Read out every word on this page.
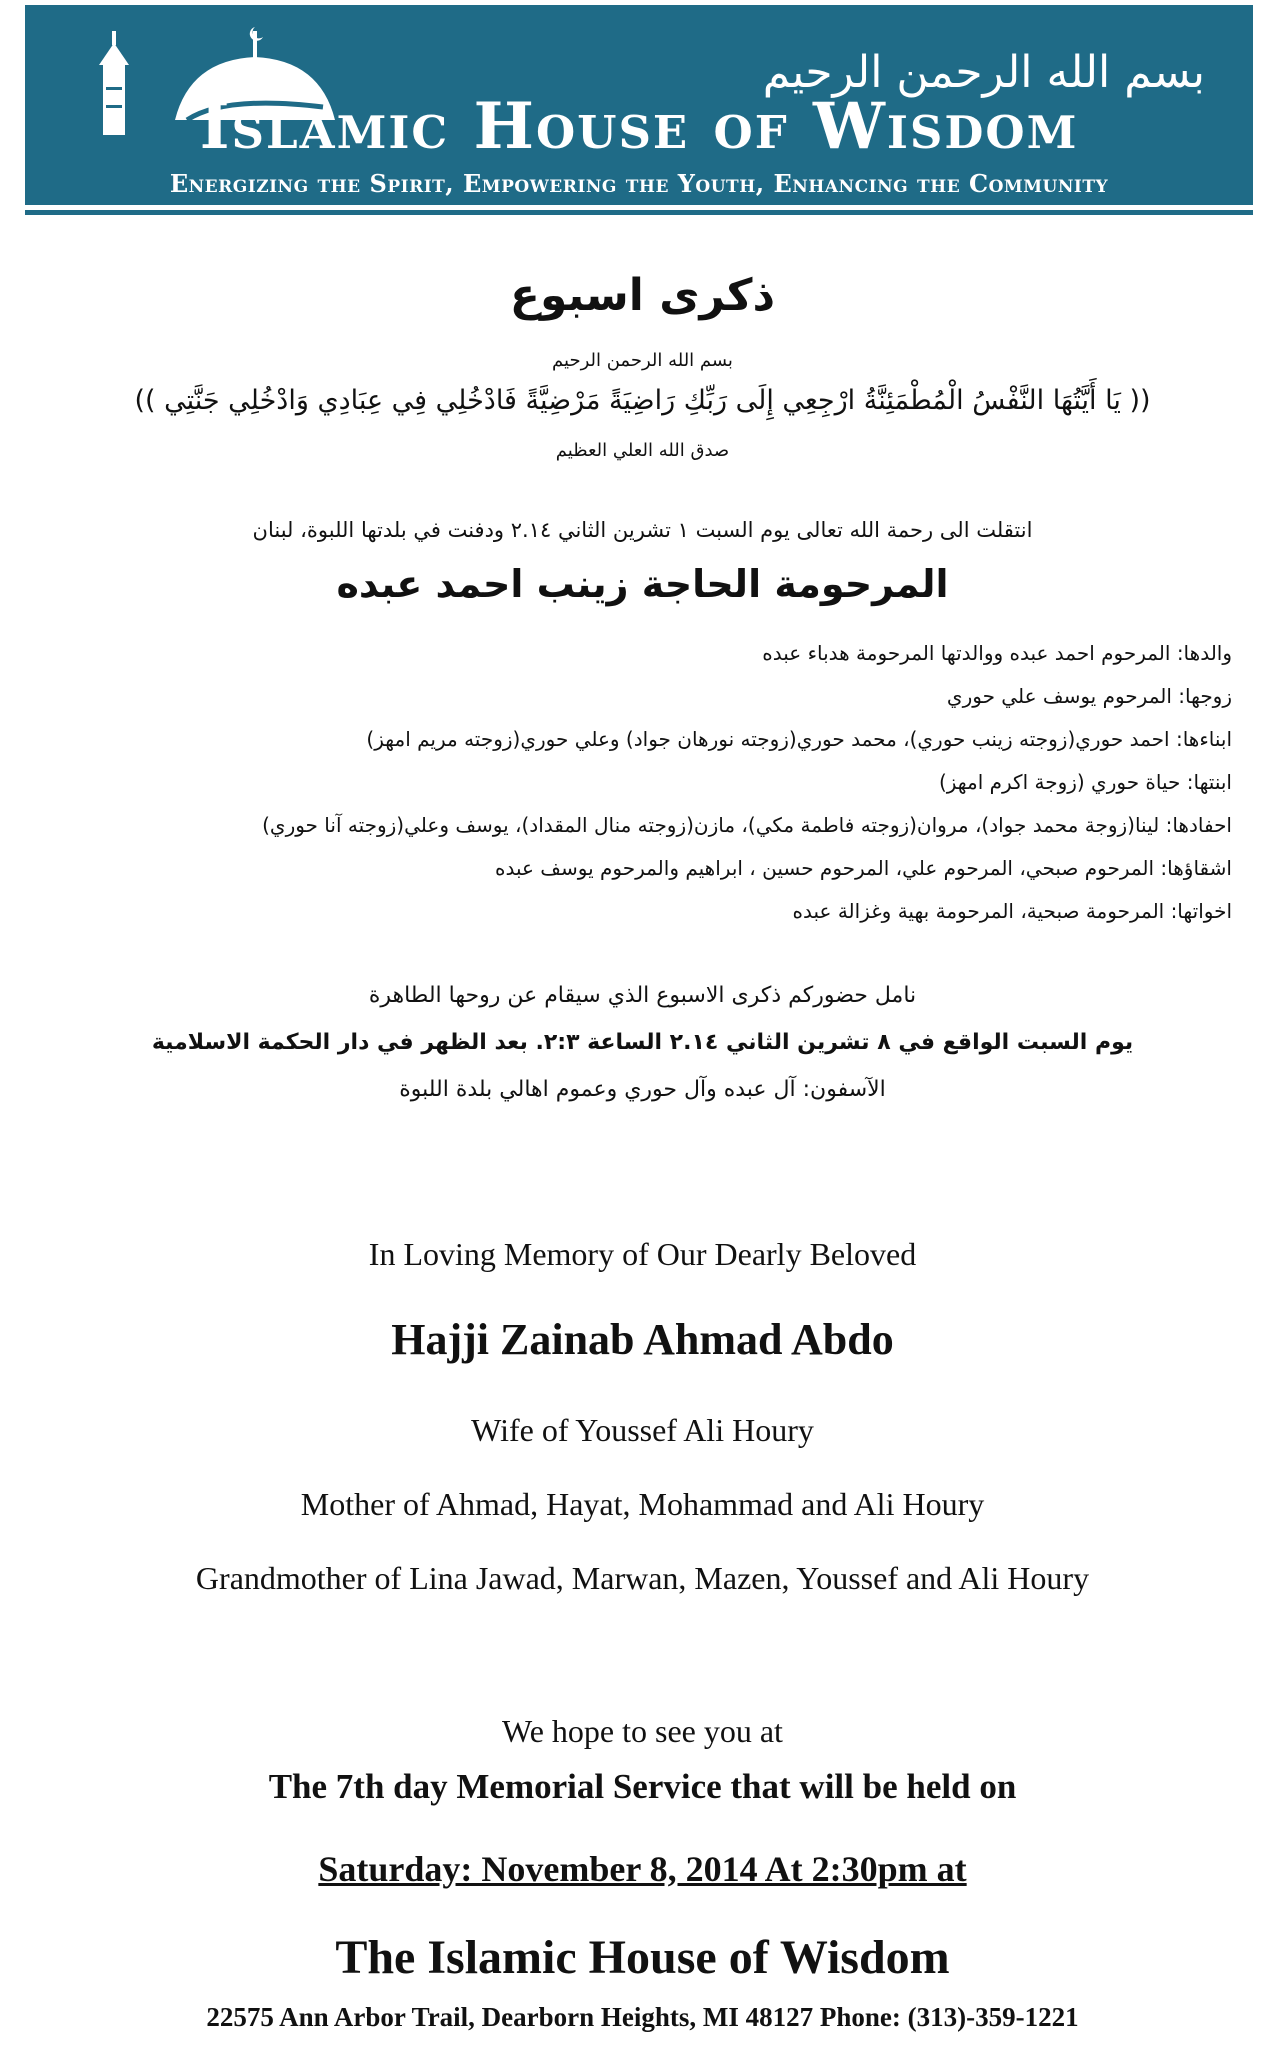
بسم الله الرحمن الرحيم
Islamic House of Wisdom
Energizing the Spirit, Empowering the Youth, Enhancing the Community
ذكرى اسبوع
بسم الله الرحمن الرحيم
(( يَا أَيَّتُهَا النَّفْسُ الْمُطْمَئِنَّةُ ارْجِعِي إِلَى رَبِّكِ رَاضِيَةً مَرْضِيَّةً فَادْخُلِي فِي عِبَادِي وَادْخُلِي جَنَّتِي ))
صدق الله العلي العظيم
انتقلت الى رحمة الله تعالى يوم السبت ١ تشرين الثاني ٢.١٤ ودفنت في بلدتها اللبوة، لبنان
المرحومة الحاجة زينب احمد عبده
والدها: المرحوم احمد عبده ووالدتها المرحومة هدباء عبده
زوجها: المرحوم يوسف علي حوري
ابناءها: احمد حوري(زوجته زينب حوري)، محمد حوري(زوجته نورهان جواد) وعلي حوري(زوجته مريم امهز)
ابنتها: حياة حوري (زوجة اكرم امهز)
احفادها: لينا(زوجة محمد جواد)، مروان(زوجته فاطمة مكي)، مازن(زوجته منال المقداد)، يوسف وعلي(زوجته آنا حوري)
اشقاؤها: المرحوم صبحي، المرحوم علي، المرحوم حسين ، ابراهيم والمرحوم يوسف عبده
اخواتها: المرحومة صبحية، المرحومة بهية وغزالة عبده
نامل حضوركم ذكرى الاسبوع الذي سيقام عن روحها الطاهرة
يوم السبت الواقع في ٨ تشرين الثاني ٢.١٤ الساعة ٢:٣. بعد الظهر في دار الحكمة الاسلامية
الآسفون: آل عبده وآل حوري وعموم اهالي بلدة اللبوة
In Loving Memory of Our Dearly Beloved
Hajji Zainab Ahmad Abdo
Wife of Youssef Ali Houry
Mother of Ahmad, Hayat, Mohammad and Ali Houry
Grandmother of Lina Jawad, Marwan, Mazen, Youssef and Ali Houry
We hope to see you at
The 7th day Memorial Service that will be held on
Saturday: November 8, 2014 At 2:30pm at
The Islamic House of Wisdom
22575 Ann Arbor Trail, Dearborn Heights, MI 48127 Phone: (313)-359-1221
